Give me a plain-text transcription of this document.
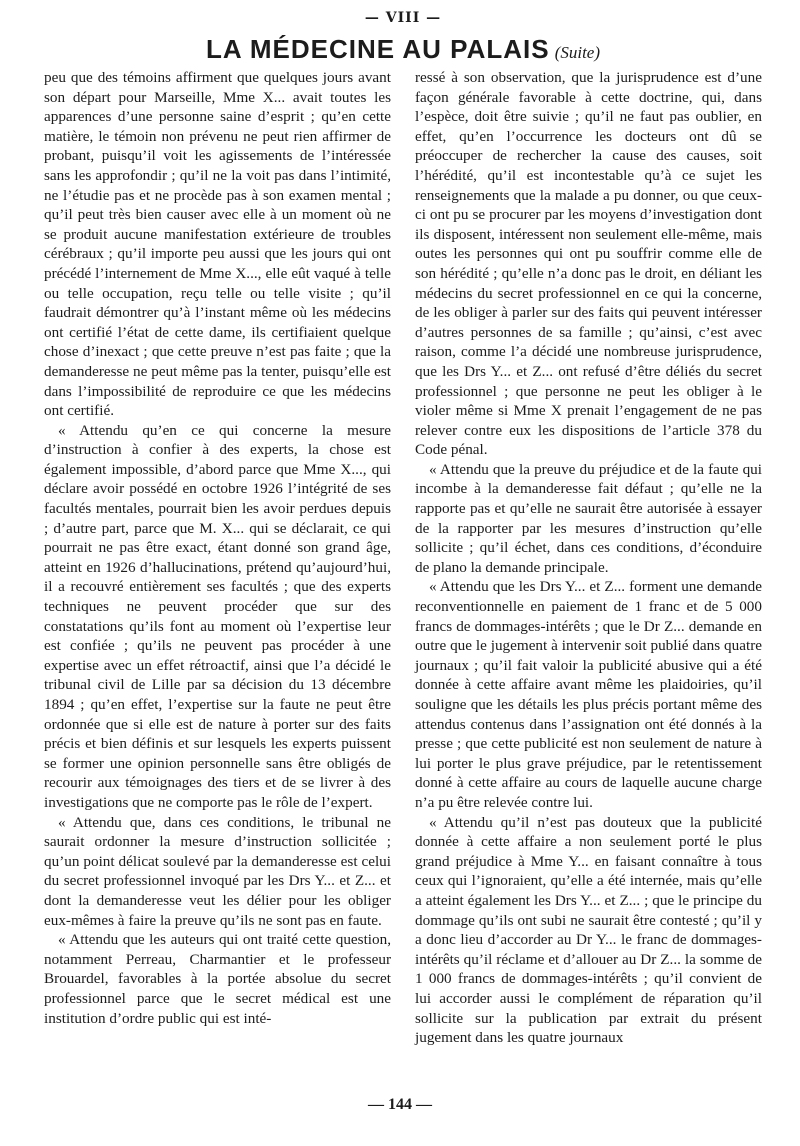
— VIII —
LA MÉDECINE AU PALAIS (Suite)

peu que des témoins affirment que quelques jours avant son départ pour Marseille, Mme X... avait toutes les apparences d’une personne saine d’esprit ; qu’en cette matière, le témoin non prévenu ne peut rien affirmer de probant, puisqu’il voit les agissements de l’intéressée sans les approfondir ; qu’il ne la voit pas dans l’intimité, ne l’étudie pas et ne procède pas à son examen mental ; qu’il peut très bien causer avec elle à un moment où ne se produit aucune manifestation extérieure de troubles cérébraux ; qu’il importe peu aussi que les jours qui ont précédé l’internement de Mme X..., elle eût vaqué à telle ou telle occupation, reçu telle ou telle visite ; qu’il faudrait démontrer qu’à l’instant même où les médecins ont certifié l’état de cette dame, ils certifiaient quelque chose d’inexact ; que cette preuve n’est pas faite ; que la demanderesse ne peut même pas la tenter, puisqu’elle est dans l’impossibilité de reproduire ce que les médecins ont certifié.

« Attendu qu’en ce qui concerne la mesure d’instruction à confier à des experts, la chose est également impossible, d’abord parce que Mme X..., qui déclare avoir possédé en octobre 1926 l’intégrité de ses facultés mentales, pourrait bien les avoir perdues depuis ; d’autre part, parce que M. X... qui se déclarait, ce qui pourrait ne pas être exact, étant donné son grand âge, atteint en 1926 d’hallucinations, prétend qu’aujourd’hui, il a recouvré entièrement ses facultés ; que des experts techniques ne peuvent procéder que sur des constatations qu’ils font au moment où l’expertise leur est confiée ; qu’ils ne peuvent pas procéder à une expertise avec un effet rétroactif, ainsi que l’a décidé le tribunal civil de Lille par sa décision du 13 décembre 1894 ; qu’en effet, l’expertise sur la faute ne peut être ordonnée que si elle est de nature à porter sur des faits précis et bien définis et sur lesquels les experts puissent se former une opinion personnelle sans être obligés de recourir aux témoignages des tiers et de se livrer à des investigations que ne comporte pas le rôle de l’expert.

« Attendu que, dans ces conditions, le tribunal ne saurait ordonner la mesure d’instruction sollicitée ; qu’un point délicat soulevé par la demanderesse est celui du secret professionnel invoqué par les Drs Y... et Z... et dont la demanderesse veut les délier pour les obliger eux-mêmes à faire la preuve qu’ils ne sont pas en faute.

« Attendu que les auteurs qui ont traité cette question, notamment Perreau, Charmantier et le professeur Brouardel, favorables à la portée absolue du secret professionnel parce que le secret médical est une institution d’ordre public qui est inté-

ressé à son observation, que la jurisprudence est d’une façon générale favorable à cette doctrine, qui, dans l’espèce, doit être suivie ; qu’il ne faut pas oublier, en effet, qu’en l’occurrence les docteurs ont dû se préoccuper de rechercher la cause des causes, soit l’hérédité, qu’il est incontestable qu’à ce sujet les renseignements que la malade a pu donner, ou que ceux-ci ont pu se procurer par les moyens d’investigation dont ils disposent, intéressent non seulement elle-même, mais outes les personnes qui ont pu souffrir comme elle de son hérédité ; qu’elle n’a donc pas le droit, en déliant les médecins du secret professionnel en ce qui la concerne, de les obliger à parler sur des faits qui peuvent intéresser d’autres personnes de sa famille ; qu’ainsi, c’est avec raison, comme l’a décidé une nombreuse jurisprudence, que les Drs Y... et Z... ont refusé d’être déliés du secret professionnel ; que personne ne peut les obliger à le violer même si Mme X prenait l’engagement de ne pas relever contre eux les dispositions de l’article 378 du Code pénal.

« Attendu que la preuve du préjudice et de la faute qui incombe à la demanderesse fait défaut ; qu’elle ne la rapporte pas et qu’elle ne saurait être autorisée à essayer de la rapporter par les mesures d’instruction qu’elle sollicite ; qu’il échet, dans ces conditions, d’éconduire de plano la demande principale.

« Attendu que les Drs Y... et Z... forment une demande reconventionnelle en paiement de 1 franc et de 5 000 francs de dommages-intérêts ; que le Dr Z... demande en outre que le jugement à intervenir soit publié dans quatre journaux ; qu’il fait valoir la publicité abusive qui a été donnée à cette affaire avant même les plaidoiries, qu’il souligne que les détails les plus précis portant même des attendus contenus dans l’assignation ont été donnés à la presse ; que cette publicité est non seulement de nature à lui porter le plus grave préjudice, par le retentissement donné à cette affaire au cours de laquelle aucune charge n’a pu être relevée contre lui.

« Attendu qu’il n’est pas douteux que la publicité donnée à cette affaire a non seulement porté le plus grand préjudice à Mme Y... en faisant connaître à tous ceux qui l’ignoraient, qu’elle a été internée, mais qu’elle a atteint également les Drs Y... et Z... ; que le principe du dommage qu’ils ont subi ne saurait être contesté ; qu’il y a donc lieu d’accorder au Dr Y... le franc de dommages-intérêts qu’il réclame et d’allouer au Dr Z... la somme de 1 000 francs de dommages-intérêts ; qu’il convient de lui accorder aussi le complément de réparation qu’il sollicite sur la publication par extrait du présent jugement dans les quatre journaux

— 144 —
